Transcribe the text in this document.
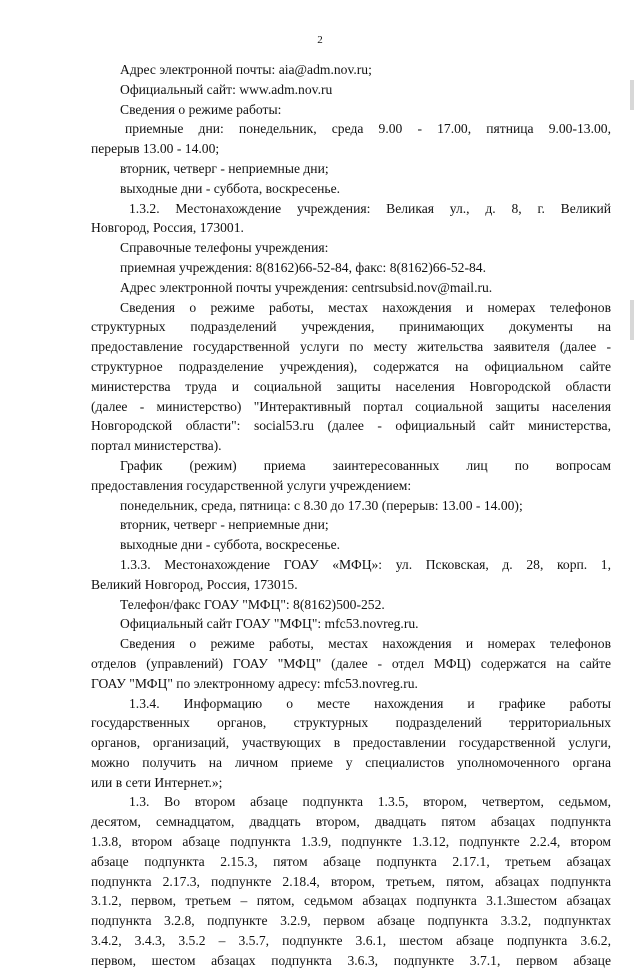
2
Адрес электронной почты: aia@adm.nov.ru;
Официальный сайт: www.adm.nov.ru
Сведения о режиме работы:
приемные дни: понедельник, среда 9.00 - 17.00, пятница 9.00-13.00,
перерыв 13.00 - 14.00;
вторник, четверг - неприемные дни;
выходные дни - суббота, воскресенье.
1.3.2. Местонахождение учреждения: Великая ул., д. 8, г. Великий
Новгород, Россия, 173001.
Справочные телефоны учреждения:
приемная учреждения: 8(8162)66-52-84, факс: 8(8162)66-52-84.
Адрес электронной почты учреждения: centrsubsid.nov@mail.ru.
Сведения о режиме работы, местах нахождения и номерах телефонов
структурных подразделений учреждения, принимающих документы на
предоставление государственной услуги по месту жительства заявителя (далее -
структурное подразделение учреждения), содержатся на официальном сайте
министерства труда и социальной защиты населения Новгородской области
(далее - министерство) "Интерактивный портал социальной защиты населения
Новгородской области": social53.ru (далее - официальный сайт министерства,
портал министерства).
График (режим) приема заинтересованных лиц по вопросам
предоставления государственной услуги учреждением:
понедельник, среда, пятница: с 8.30 до 17.30 (перерыв: 13.00 - 14.00);
вторник, четверг - неприемные дни;
выходные дни - суббота, воскресенье.
1.3.3. Местонахождение ГОАУ «МФЦ»: ул. Псковская, д. 28, корп. 1,
Великий Новгород, Россия, 173015.
Телефон/факс ГОАУ "МФЦ": 8(8162)500-252.
Официальный сайт ГОАУ "МФЦ": mfc53.novreg.ru.
Сведения о режиме работы, местах нахождения и номерах телефонов
отделов (управлений) ГОАУ "МФЦ" (далее - отдел МФЦ) содержатся на сайте
ГОАУ "МФЦ" по электронному адресу: mfc53.novreg.ru.
1.3.4. Информацию о месте нахождения и графике работы
государственных органов, структурных подразделений территориальных
органов, организаций, участвующих в предоставлении государственной услуги,
можно получить на личном приеме у специалистов уполномоченного органа
или в сети Интернет.»;
1.3. Во втором абзаце подпункта 1.3.5, втором, четвертом, седьмом,
десятом, семнадцатом, двадцать втором, двадцать пятом абзацах подпункта
1.3.8, втором абзаце подпункта 1.3.9, подпункте 1.3.12, подпункте 2.2.4, втором
абзаце подпункта 2.15.3, пятом абзаце подпункта 2.17.1, третьем абзацах
подпункта 2.17.3, подпункте 2.18.4, втором, третьем, пятом, абзацах подпункта
3.1.2, первом, третьем – пятом, седьмом абзацах подпункта 3.1.3шестом абзацах
подпункта 3.2.8, подпункте 3.2.9, первом абзаце подпункта 3.3.2, подпунктах
3.4.2, 3.4.3, 3.5.2 – 3.5.7, подпункте 3.6.1, шестом абзаце подпункта 3.6.2,
первом, шестом абзацах подпункта 3.6.3, подпункте 3.7.1, первом абзаце
